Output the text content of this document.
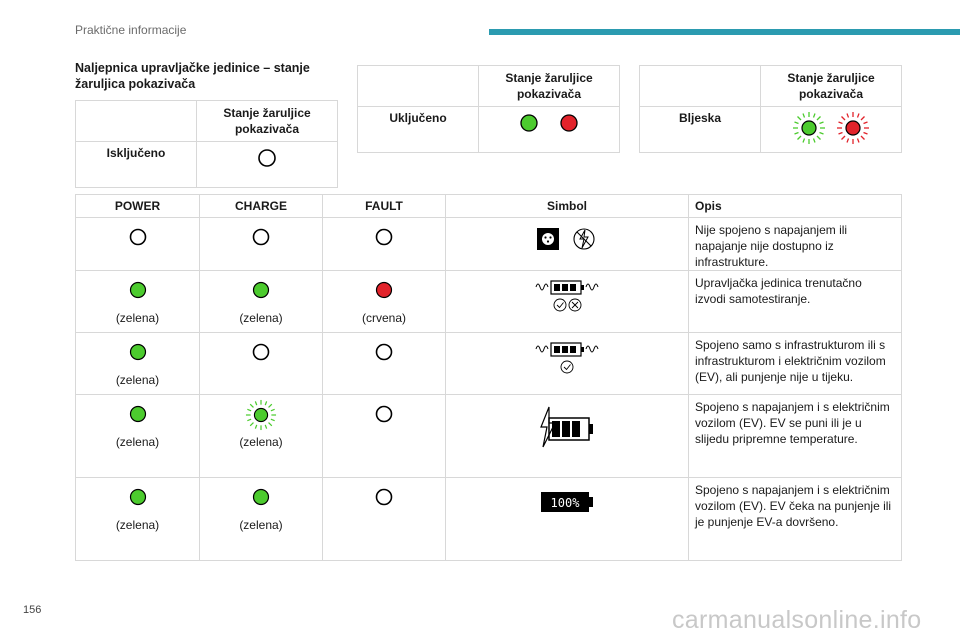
Praktične informacije
Naljepnica upravljačke jedinice – stanje žaruljica pokazivača
	Stanje žaruljice pokazivača
Isključeno	
	Stanje žaruljice pokazivača
Uključeno	
	Stanje žaruljice pokazivača
Bljeska	
POWER	CHARGE	FAULT	Simbol	Opis
				Nije spojeno s napajanjem ili napajanje nije dostupno iz infrastrukture.

(zelena)	(zelena)	(crvena)		Upravljačka jedinica trenutačno izvodi samotestiranje.

(zelena)				Spojeno samo s infrastrukturom ili s infrastrukturom i električnim vozilom (EV), ali punjenje nije u tijeku.

(zelena)	(zelena)			Spojeno s napajanjem i s električnim vozilom (EV). EV se puni ili je u slijedu pripremne temperature.

(zelena)	(zelena)		100%	Spojeno s napajanjem i s električnim vozilom (EV). EV čeka na punjenje ili je punjenje EV-a dovršeno.
156	carmanualsonline.info
